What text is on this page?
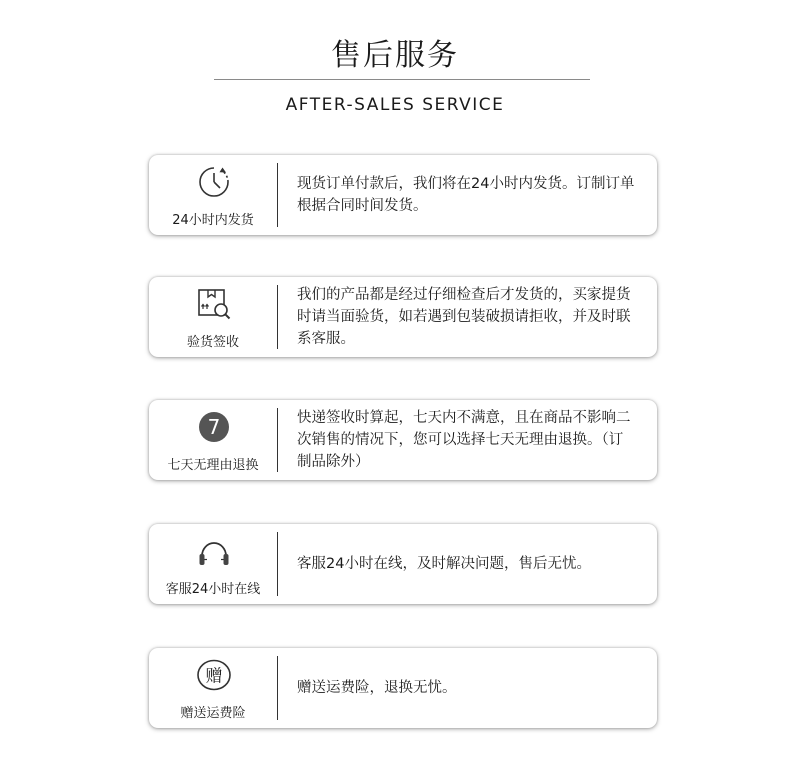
售后服务
AFTER-SALES SERVICE
24小时内发货

现货订单付款后，我们将在24小时内发货。订制订单根据合同时间发货。

验货签收

我们的产品都是经过仔细检查后才发货的，买家提货时请当面验货，如若遇到包装破损请拒收，并及时联系客服。

7
七天无理由退换

快递签收时算起，七天内不满意，且在商品不影响二次销售的情况下，您可以选择七天无理由退换。（订制品除外）

客服24小时在线

客服24小时在线，及时解决问题，售后无忧。

赠
赠送运费险

赠送运费险，退换无忧。
